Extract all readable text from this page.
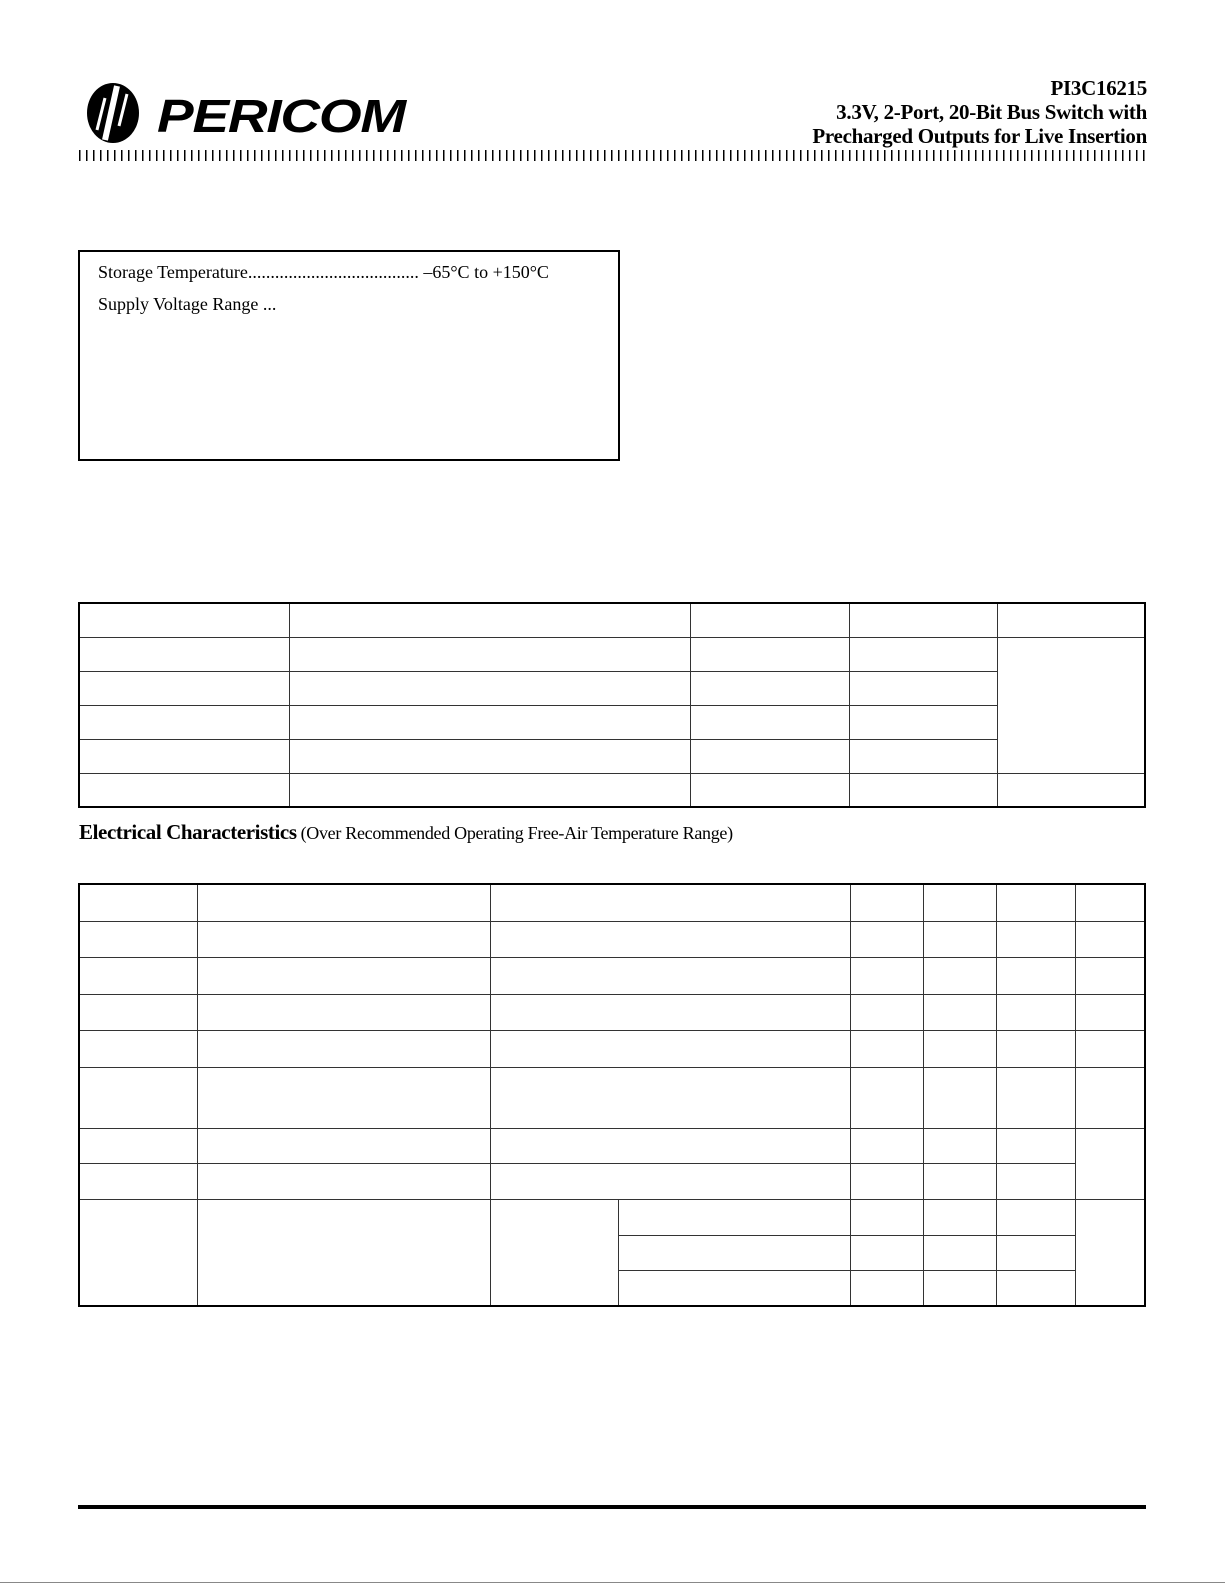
PERICOM
PI3C16215
3.3V, 2-Port, 20-Bit Bus Switch with
Precharged Outputs for Live Insertion
Storage Temperature...................................... –65°C to +150°C
Supply Voltage Range ...

Electrical Characteristics (Over Recommended Operating Free-Air Temperature Range)
